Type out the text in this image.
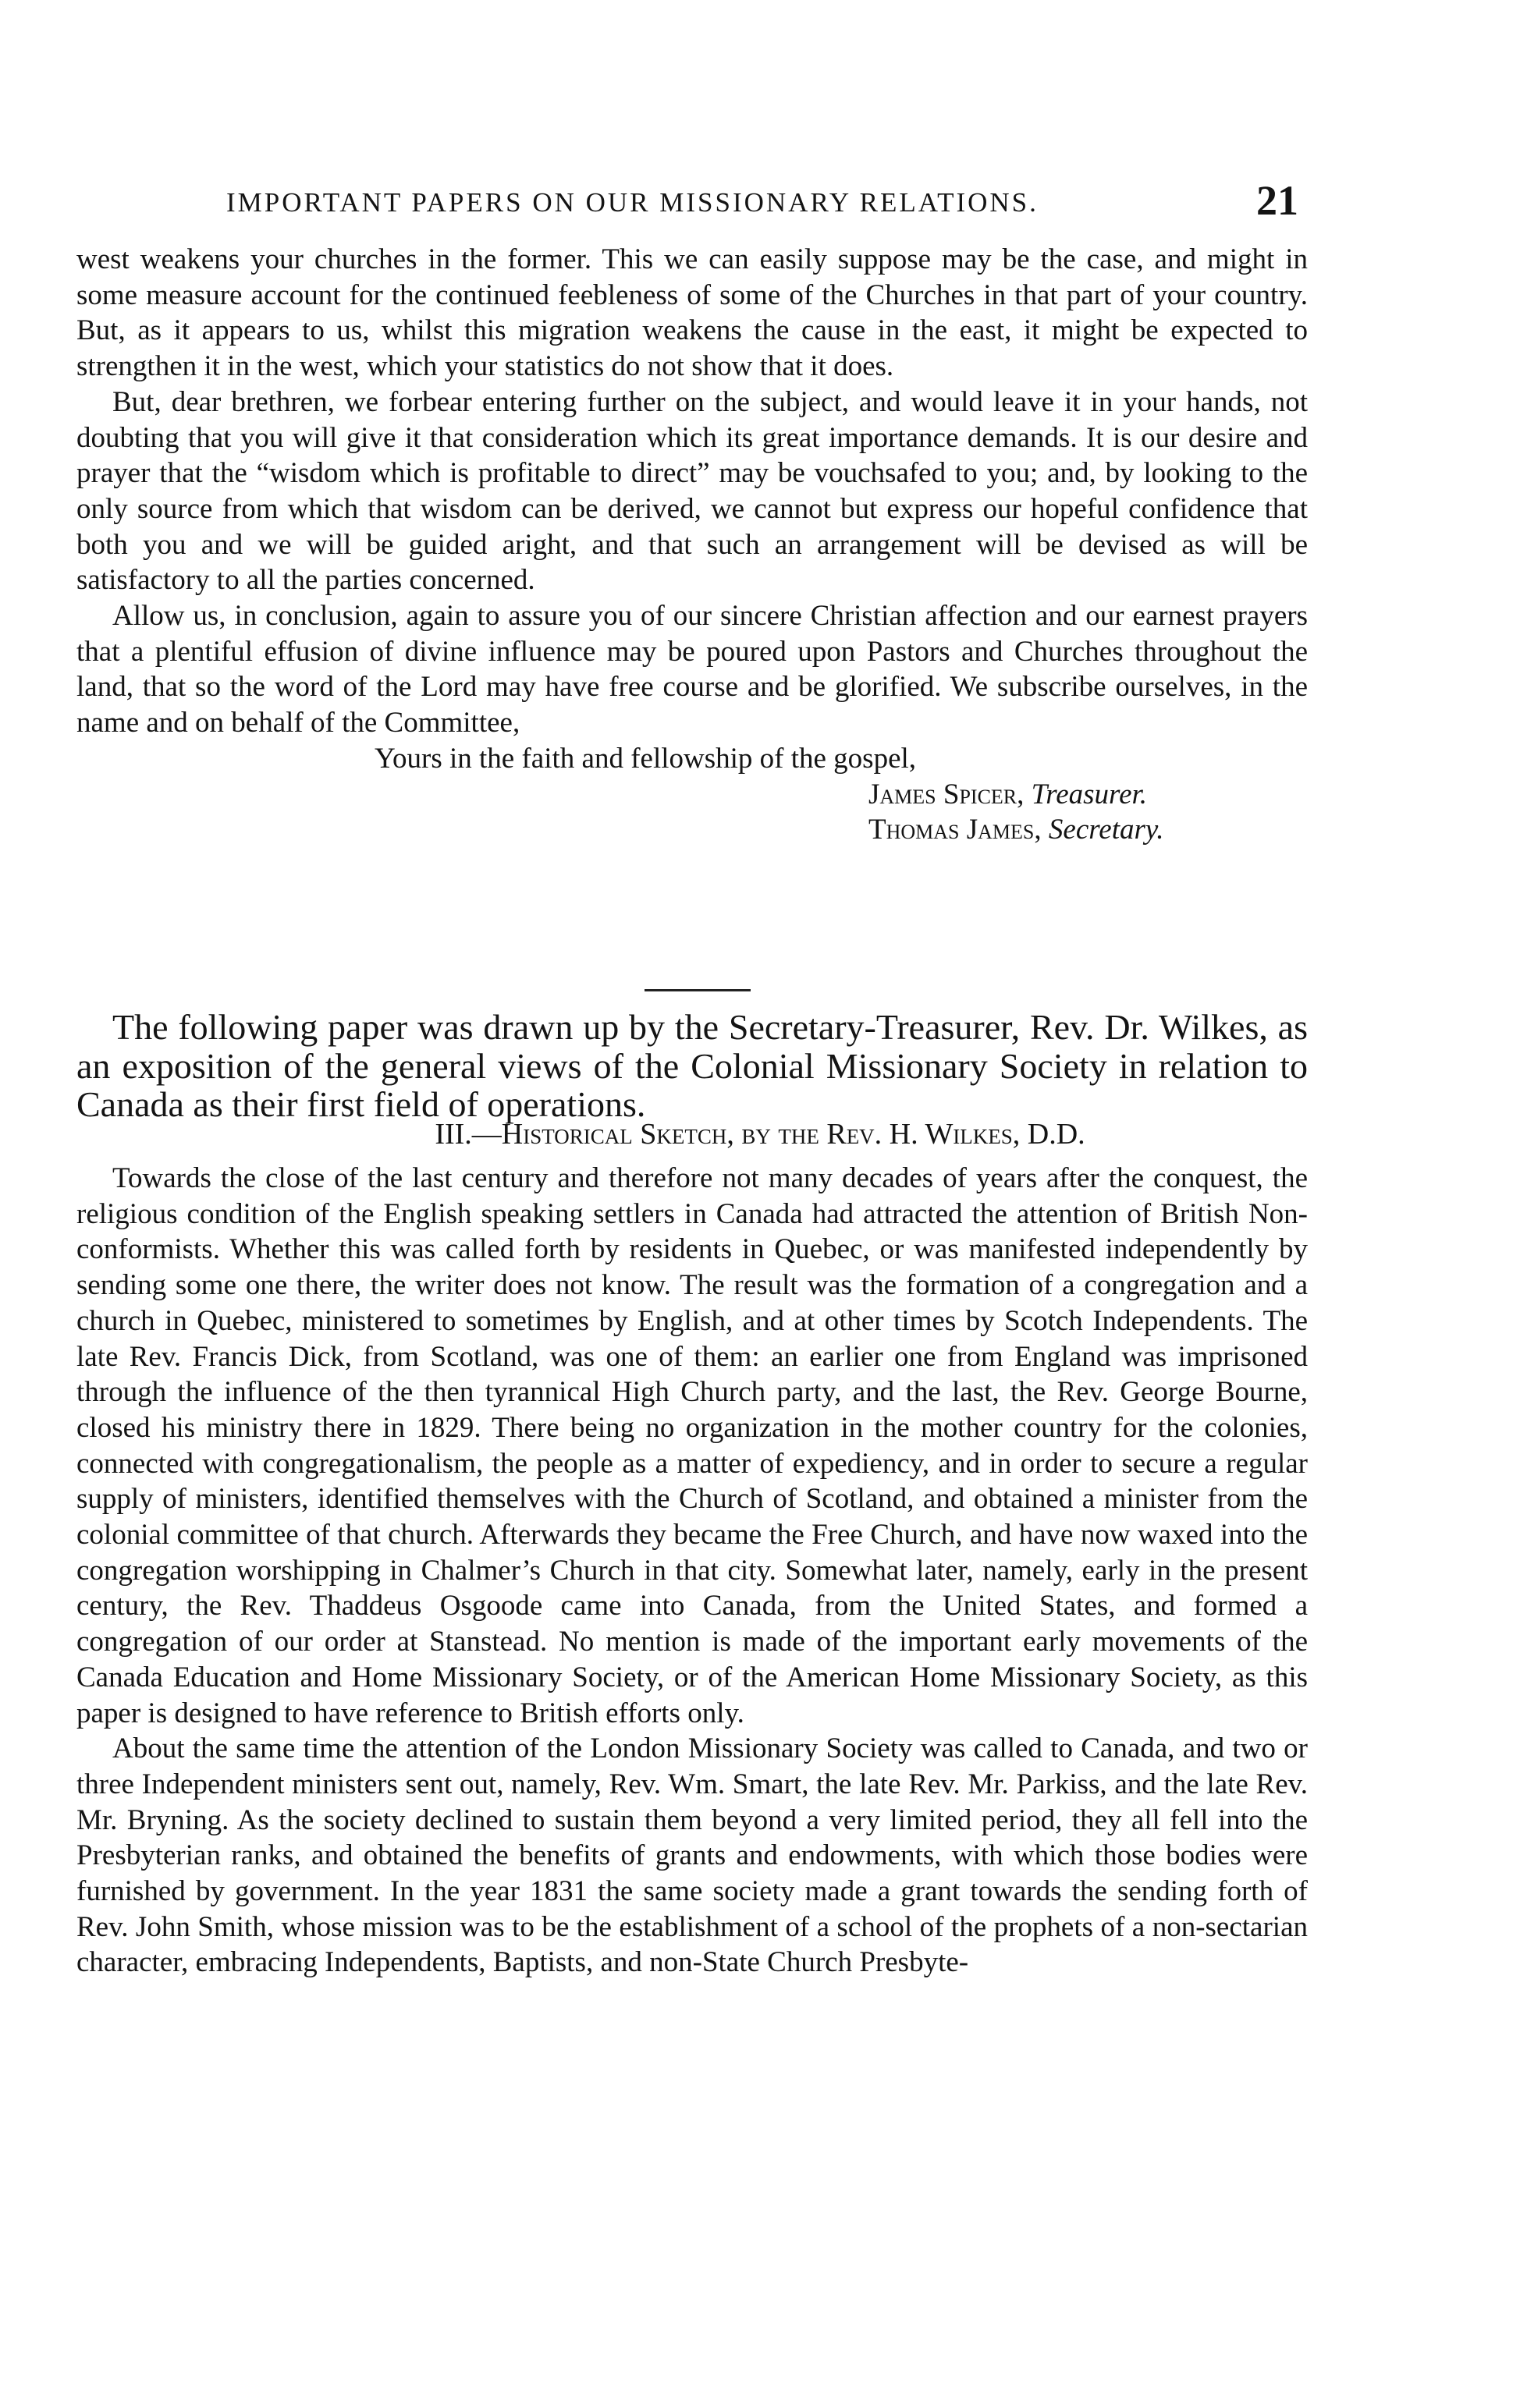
IMPORTANT PAPERS ON OUR MISSIONARY RELATIONS.	21

west weakens your churches in the former. This we can easily suppose may be the case, and might in some measure account for the continued feebleness of some of the Churches in that part of your country. But, as it appears to us, whilst this migration weakens the cause in the east, it might be expected to strengthen it in the west, which your statistics do not show that it does.

But, dear brethren, we forbear entering further on the subject, and would leave it in your hands, not doubting that you will give it that consideration which its great importance demands. It is our desire and prayer that the “wisdom which is profitable to direct” may be vouchsafed to you; and, by looking to the only source from which that wisdom can be derived, we cannot but express our hopeful confidence that both you and we will be guided aright, and that such an arrangement will be devised as will be satisfactory to all the parties concerned.

Allow us, in conclusion, again to assure you of our sincere Christian affection and our earnest prayers that a plentiful effusion of divine influence may be poured upon Pastors and Churches throughout the land, that so the word of the Lord may have free course and be glorified. We subscribe ourselves, in the name and on behalf of the Committee,

Yours in the faith and fellowship of the gospel,

James Spicer, Treasurer.

Thomas James, Secretary.

The following paper was drawn up by the Secretary-Treasurer, Rev. Dr. Wilkes, as an exposition of the general views of the Colonial Missionary Society in relation to Canada as their first field of operations.

III.—Historical Sketch, by the Rev. H. Wilkes, D.D.

Towards the close of the last century and therefore not many decades of years after the conquest, the religious condition of the English speaking settlers in Canada had attracted the attention of British Non-conformists. Whether this was called forth by residents in Quebec, or was manifested independently by sending some one there, the writer does not know. The result was the formation of a congregation and a church in Quebec, ministered to sometimes by English, and at other times by Scotch Independents. The late Rev. Francis Dick, from Scotland, was one of them: an earlier one from England was imprisoned through the influence of the then tyrannical High Church party, and the last, the Rev. George Bourne, closed his ministry there in 1829. There being no organization in the mother country for the colonies, connected with congregationalism, the people as a matter of expediency, and in order to secure a regular supply of ministers, identified themselves with the Church of Scotland, and obtained a minister from the colonial committee of that church. Afterwards they became the Free Church, and have now waxed into the congregation worshipping in Chalmer’s Church in that city. Somewhat later, namely, early in the present century, the Rev. Thaddeus Osgoode came into Canada, from the United States, and formed a congregation of our order at Stanstead. No mention is made of the important early movements of the Canada Education and Home Missionary Society, or of the American Home Missionary Society, as this paper is designed to have reference to British efforts only.

About the same time the attention of the London Missionary Society was called to Canada, and two or three Independent ministers sent out, namely, Rev. Wm. Smart, the late Rev. Mr. Parkiss, and the late Rev. Mr. Bryning. As the society declined to sustain them beyond a very limited period, they all fell into the Presbyterian ranks, and obtained the benefits of grants and endowments, with which those bodies were furnished by government. In the year 1831 the same society made a grant towards the sending forth of Rev. John Smith, whose mission was to be the establishment of a school of the prophets of a non-sectarian character, embracing Independents, Baptists, and non-State Church Presbyte-
